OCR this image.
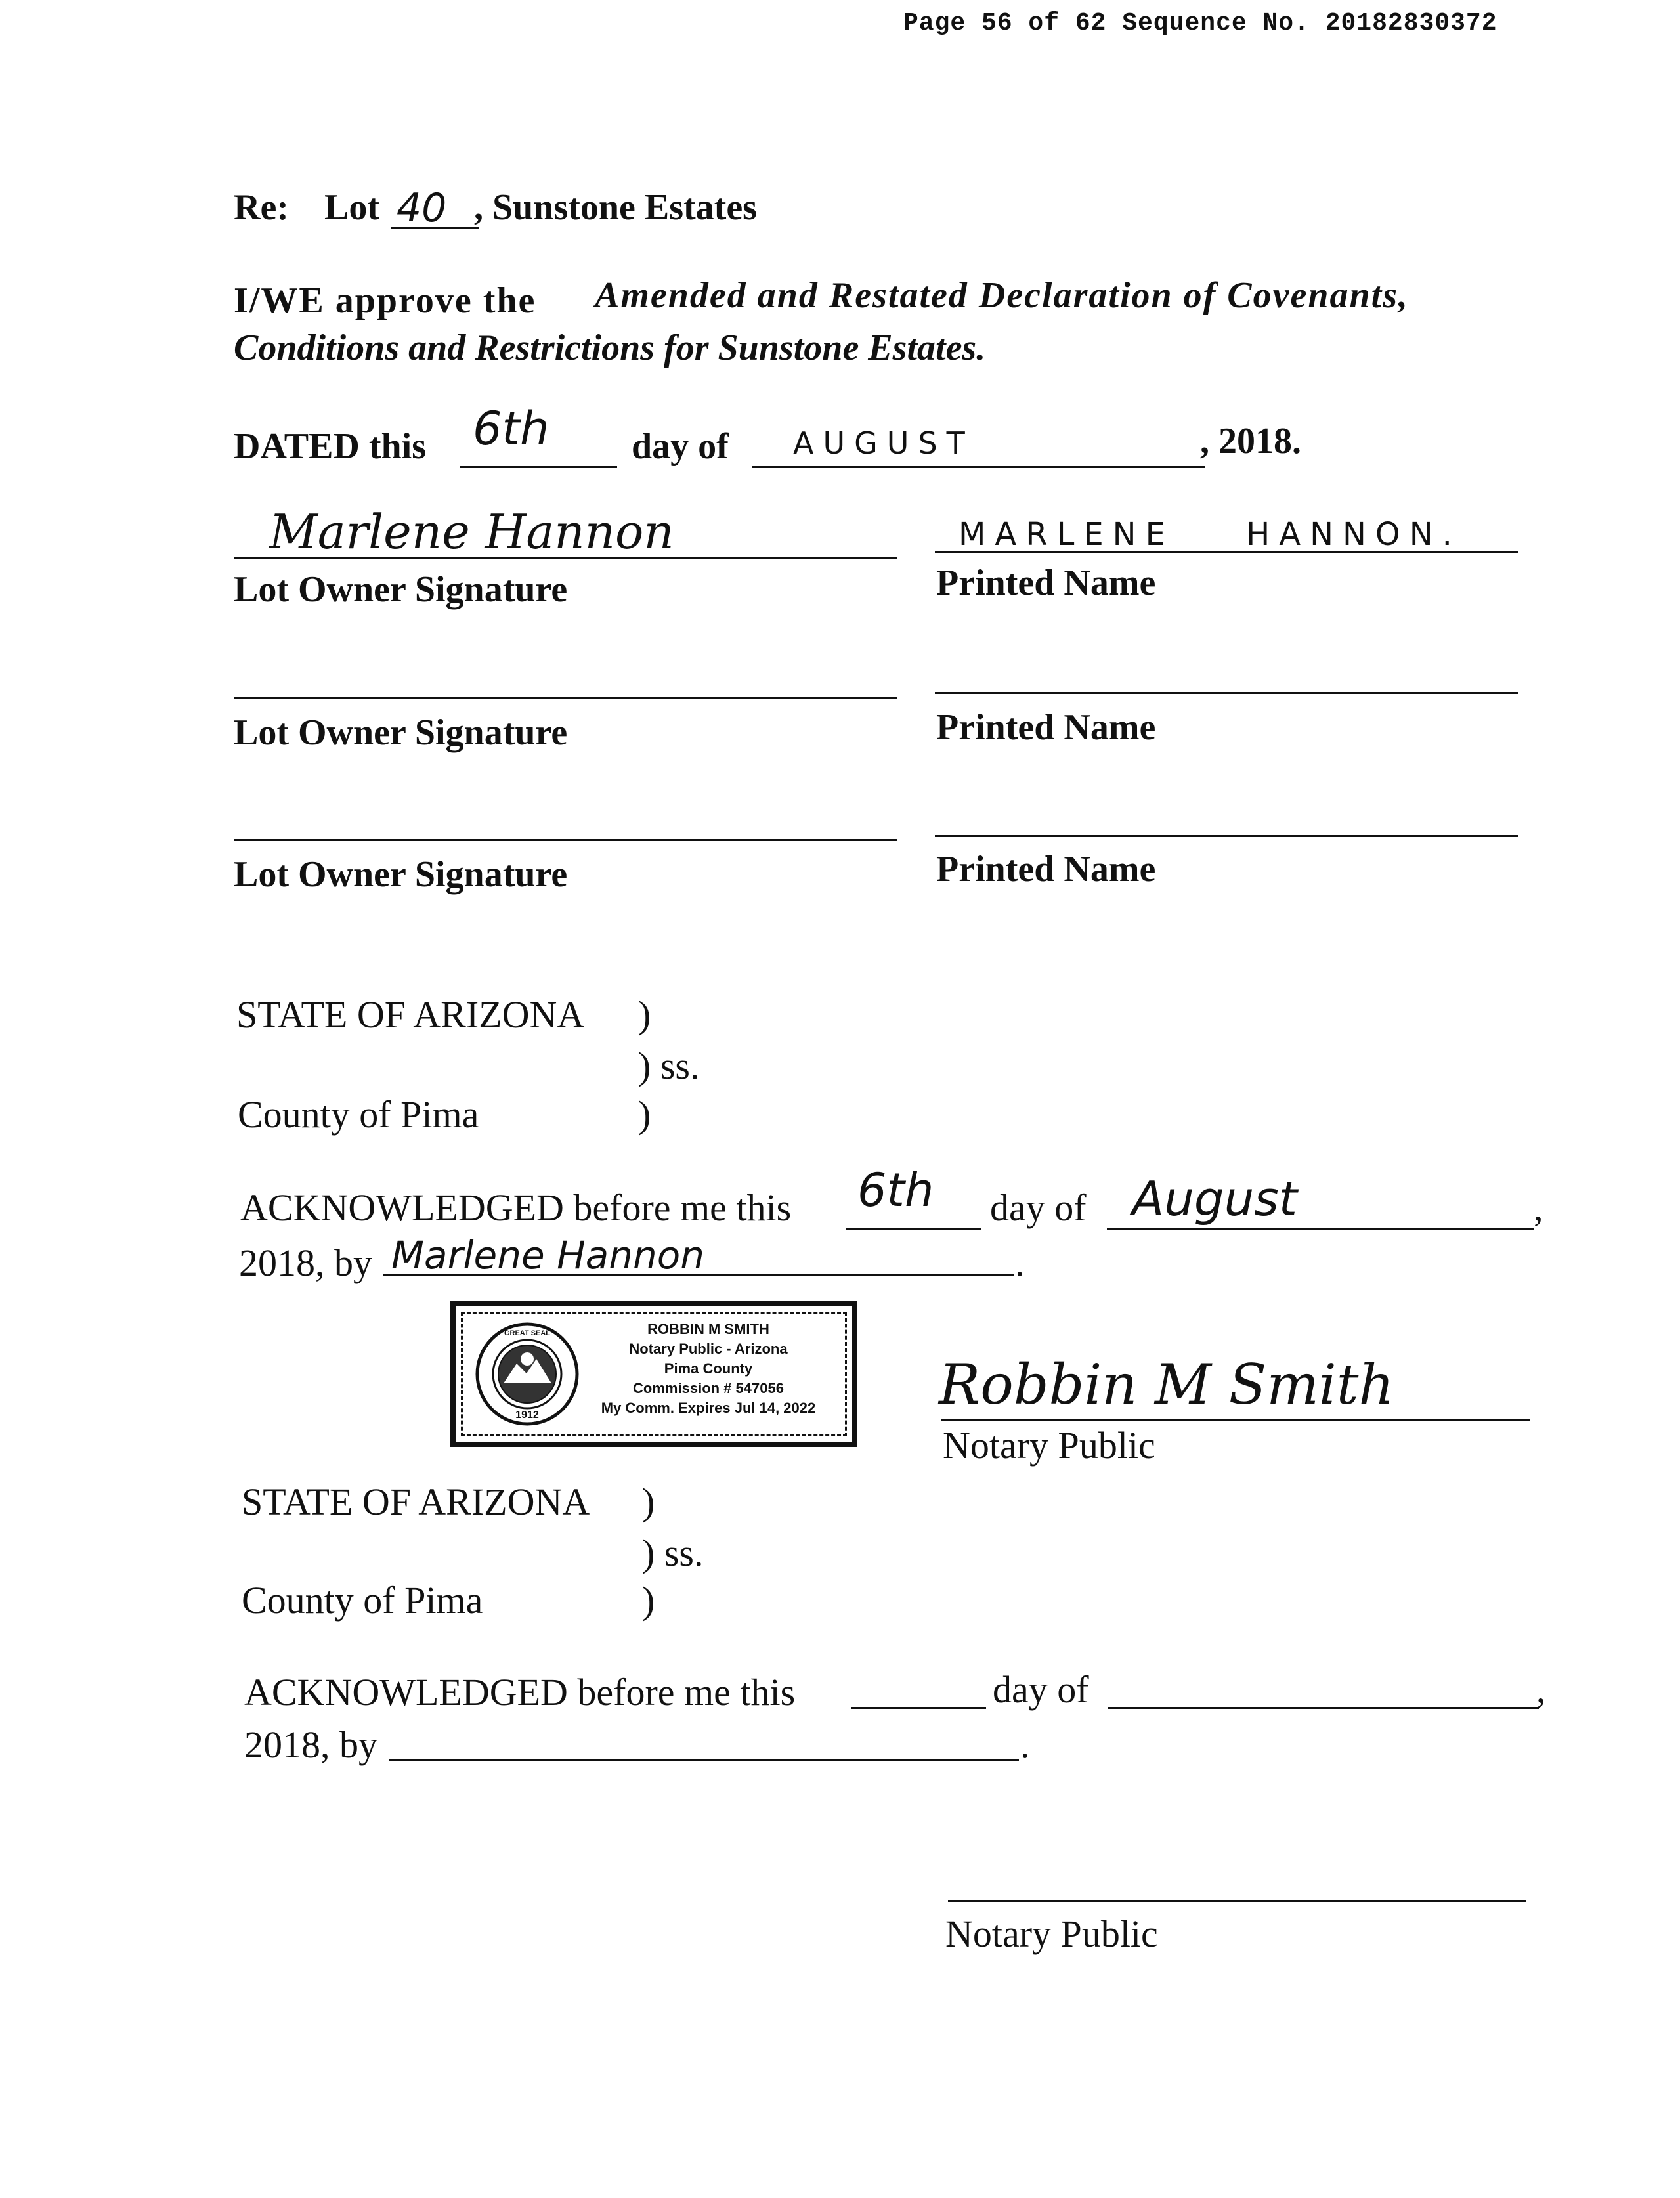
Page 56 of 62 Sequence No. 20182830372
Re: Lot 40 , Sunstone Estates
I/WE approve the Amended and Restated Declaration of Covenants,
Conditions and Restrictions for Sunstone Estates.
DATED this 6th day of AUGUST	, 2018.
Marlene Hannon
Lot Owner Signature
MARLENE HANNON.
Printed Name
Lot Owner Signature	Printed Name
Lot Owner Signature	Printed Name
STATE OF ARIZONA )
) ss.
County of Pima	)
ACKNOWLEDGED before me this 6th day of August	,
2018, by Marlene Hannon	.
1912
GREAT SEAL	ROBBIN M SMITH
Notary Public - Arizona
Pima County
Commission # 547056
My Comm. Expires Jul 14, 2022	Robbin M Smith
Notary Public
STATE OF ARIZONA )
) ss.
County of Pima	)
ACKNOWLEDGED before me this	day of	,
2018, by	.
Notary Public
